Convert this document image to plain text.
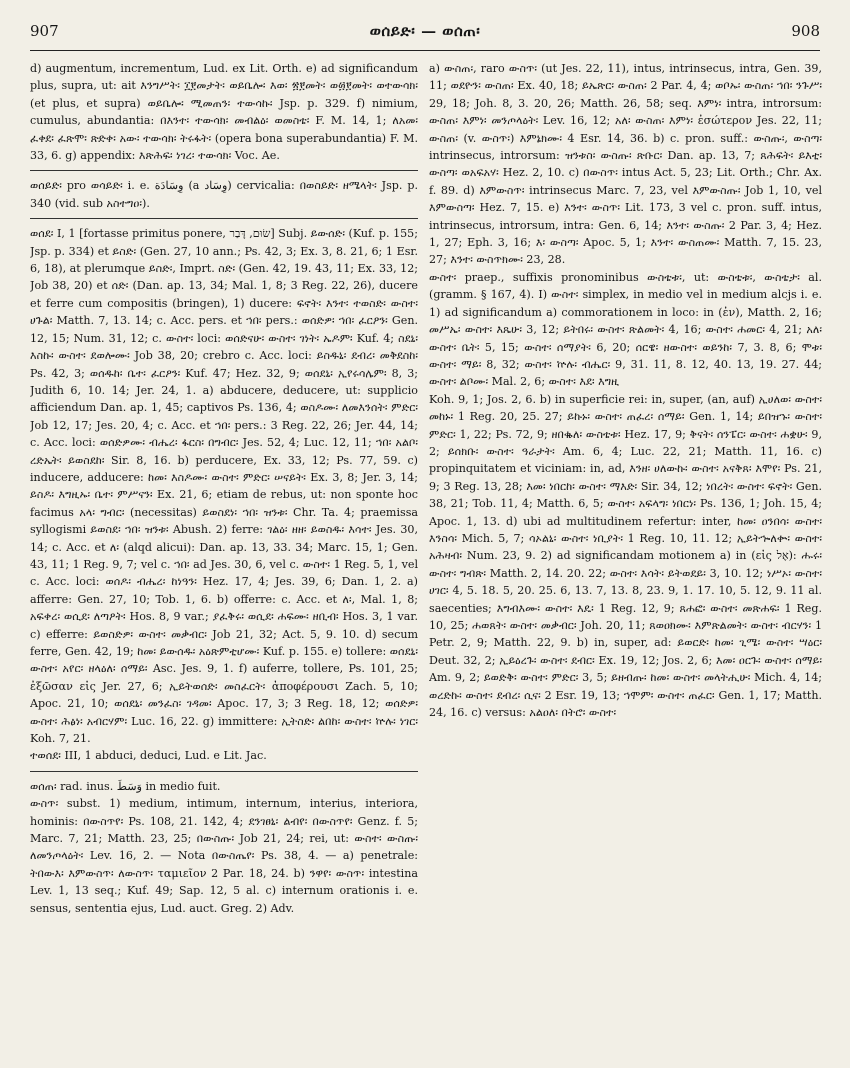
907	ወሰይድ፡ — ወሰጠ፡	908

d) augmentum, incrementum, Lud. ex Lit. Orth. e) ad significandum plus, supra, ut: ait እንግሥት፡ ፲፻መታት፡ ወይቤሎ፡ እወ፡ ፳፻መት፡ ወ፴፻መት፡ ወተውሳክ፡ (et plus, et supra) ወይቤሎ፡ ሚመጠን፡ ተውሳኩ፡ Jsp. p. 329. f) nimium, cumulus, abundantia: በእንተ፡ ተውሳክ፡ መብልዕ፡ ወመስቴ፡ F. M. 14, 1; ለአመ፡ ፈቀደ፡ ፈጽሞ፡ ጽድቀ፡ አው፡ ተውሳክ፡ ትሩፋት፡ (opera bona superabundantia) F. M. 33, 6. g) appendix: እጽሕፍ፡ ነገረ፡ ተውሳክ፡ Voc. Ae.

ወሰይድ፡ pro ወሳይድ፡ i. e. وِسَادَة (a وِسَاد) cervicalia: በወስይድ፡ ዘሜላት፡ Jsp. p. 340 (vid. sub አስተግዐ፡).

ወሰደ፡ I, 1 [fortasse primitus ponere, שׂוּם, דָּבַר] Subj. ይውሰድ፡ (Kuf. p. 155; Jsp. p. 334) et ይስድ፡ (Gen. 27, 10 ann.; Ps. 42, 3; Ex. 3, 8. 21, 6; 1 Esr. 6, 18), at plerumque ይስድ፡, Imprt. ስድ፡ (Gen. 42, 19. 43, 11; Ex. 33, 12; Job 38, 20) et ሰድ፡ (Dan. ap. 13, 34; Mal. 1, 8; 3 Reg. 22, 26), ducere et ferre cum compositis (bringen), 1) ducere: ፍኖት፡ እንተ፡ ተወስድ፡ ውስተ፡ ሀጉል፡ Matth. 7, 13. 14; c. Acc. pers. et ኀበ፡ pers.: ወሰድዎ፡ ኀበ፡ ፈርዖን፡ Gen. 12, 15; Num. 31, 12; c. ውስተ፡ loci: ወሰድናሁ፡ ውስተ፡ ገነት፡ ኤዶም፡ Kuf. 4; ስደኒ፡ እስኩ፡ ውስተ፡ ደወሎሙ፡ Job 38, 20; crebro c. Acc. loci: ይስዱኒ፡ ደብረ፡ መቅደስከ፡ Ps. 42, 3; ወሰዱከ፡ ቤተ፡ ፈርዖን፡ Kuf. 47; Hez. 32, 9; ወሰደኒ፡ ኢየሩሳሌም፡ 8, 3; Judith 6, 10. 14; Jer. 24, 1. a) abducere, deducere, ut: supplicio afficiendum Dan. ap. 1, 45; captivos Ps. 136, 4; ወስዶሙ፡ ለመእንሰት፡ ምድር፡ Job 12, 17; Jes. 20, 4; c. Acc. et ኀበ፡ pers.: 3 Reg. 22, 26; Jer. 44, 14; c. Acc. loci: ወሰድዎሙ፡ ብሔረ፡ ፋርስ፡ በግብር፡ Jes. 52, 4; Luc. 12, 11; ኀበ፡ አልቦ፡ ረድኤት፡ ይወስደከ፡ Sir. 8, 16. b) perducere, Ex. 33, 12; Ps. 77, 59. c) inducere, adducere: ከመ፡ እስዶሙ፡ ውስተ፡ ምድር፡ ሠናይት፡ Ex. 3, 8; Jer. 3, 14; ይስዶ፡ እግዚኡ፡ ቤተ፡ ምሥናን፡ Ex. 21, 6; etiam de rebus, ut: non sponte hoc facimus አላ፡ ግብር፡ (necessitas) ይወስደነ፡ ኀበ፡ ዝንቱ፡ Chr. Ta. 4; praemissa syllogismi ይወስደ፡ ኀበ፡ ዝንቱ፡ Abush. 2) ferre: ገልዕ፡ ዘዘ፡ ይወስዱ፡ እሳተ፡ Jes. 30, 14; c. Acc. et ለ፡ (alqd alicui): Dan. ap. 13, 33. 34; Marc. 15, 1; Gen. 43, 11; 1 Reg. 9, 7; vel c. ኀበ፡ ad Jes. 30, 6, vel c. ውስተ፡ 1 Reg. 5, 1, vel c. Acc. loci: ወሰዶ፡ ብሔረ፡ ከነዓን፡ Hez. 17, 4; Jes. 39, 6; Dan. 1, 2. a) afferre: Gen. 27, 10; Tob. 1, 6. b) offerre: c. Acc. et ለ፡, Mal. 1, 8; አፍቀረ፡ ወሲደ፡ ለጣዖት፡ Hos. 8, 9 var.; ያፈቅሩ፡ ወሲደ፡ ሐፍሙ፡ ዘቢብ፡ Hos. 3, 1 var. c) efferre: ይወስድዎ፡ ውስተ፡ መቃብር፡ Job 21, 32; Act. 5, 9. 10. d) secum ferre, Gen. 42, 19; ከመ፡ ይውሰዱ፡ አዕጽምቲሆሙ፡ Kuf. p. 155. e) tollere: ወሰደኒ፡ ውስተ፡ አየር፡ ዘላዕለ፡ ሰማይ፡ Asc. Jes. 9, 1. f) auferre, tollere, Ps. 101, 25; ἐξῶσαν εἰς Jer. 27, 6; ኢይትወሰድ፡ መስፈርት፡ ἀποφέρουσι Zach. 5, 10; Apoc. 21, 10; ወሰደኒ፡ መንፈስ፡ ገዳመ፡ Apoc. 17, 3; 3 Reg. 18, 12; ወሰድዎ፡ ውስተ፡ ሕፅነ፡ አብርሃም፡ Luc. 16, 22. g) immittere: ኢትስድ፡ ልበከ፡ ውስተ፡ ኵሉ፡ ነገር፡ Koh. 7, 21.

ተወሰደ፡ III, 1 abduci, deduci, Lud. e Lit. Jac.

ወሰጠ፡ rad. inus. وَسَطَ in medio fuit.

ውስጥ፡ subst. 1) medium, intimum, internum, interius, interiora, hominis: በውስጥየ፡ Ps. 108, 21. 142, 4; ደንገፀኒ፡ ልብየ፡ በውስጥየ፡ Genz. f. 5; Marc. 7, 21; Matth. 23, 25; በውስጡ፡ Job 21, 24; rei, ut: ውስተ፡ ውስጡ፡ ለመንጦላዕት፡ Lev. 16, 2. — Nota በውስጤየ፡ Ps. 38, 4. — a) penetrale: ትበውእ፡ እምውስጥ፡ ለውስጥ፡ ταμιεῖον 2 Par. 18, 24. b) ንዋየ፡ ውስጥ፡ intestina Lev. 1, 13 seq.; Kuf. 49; Sap. 12, 5 al. c) internum orationis i. e. sensus, sententia ejus, Lud. auct. Greg. 2) Adv.

a) ውስጠ፡, raro ውስጥ፡ (ut Jes. 22, 11), intus, intrinsecus, intra, Gen. 39, 11; ወደዮን፡ ውስጠ፡ Ex. 40, 18; ይኤጽር፡ ውስጠ፡ 2 Par. 4, 4; ወቦኡ፡ ውስጠ፡ ኀበ፡ ንጉሥ፡ 29, 18; Joh. 8, 3. 20, 26; Matth. 26, 58; seq. እምነ፡ intra, introrsum: ውስጠ፡ እምነ፡ መንጦላዕት፡ Lev. 16, 12; አለ፡ ውስጠ፡ እምነ፡ ἐσώτερον Jes. 22, 11; ውስጠ፡ (v. ውስጥ፡) እምኔክሙ፡ 4 Esr. 14, 36. b) c. pron. suff.: ውስጡ፡, ውስጣ፡ intrinsecus, introrsum: ዝንቱስ፡ ውስጡ፡ ጽቡር፡ Dan. ap. 13, 7; ጸሕፍት፡ ይእቲ፡ ውስጣ፡ ወአፍአሃ፡ Hez. 2, 10. c) በውስጥ፡ intus Act. 5, 23; Lit. Orth.; Chr. Ax. f. 89. d) እምውስጥ፡ intrinsecus Marc. 7, 23, vel እምውስጡ፡ Job 1, 10, vel እምውስጣ፡ Hez. 7, 15. e) እንተ፡ ውስጥ፡ Lit. 173, 3 vel c. pron. suff. intus, intrinsecus, introrsum, intra: Gen. 6, 14; እንተ፡ ውስጡ፡ 2 Par. 3, 4; Hez. 1, 27; Eph. 3, 16; እ፡ ውስጣ፡ Apoc. 5, 1; እንተ፡ ውስጠሙ፡ Matth. 7, 15. 23, 27; እንተ፡ ውስጥክሙ፡ 23, 28.

ውስተ፡ praep., suffixis pronominibus ውስቴቱ፡, ut: ውስቴቱ፡, ውስቴታ፡ al. (gramm. § 167, 4). I) ውስተ፡ simplex, in medio vel in medium alcjs i. e. 1) ad significandum a) commorationem in loco: in (ἐν), Matth. 2, 16; መሥኤ፡ ውስተ፡ እጼሁ፡ 3, 12; ይትበሩ፡ ውስተ፡ ጽልመት፡ 4, 16; ውስተ፡ ሐመር፡ 4, 21; አለ፡ ውስተ፡ ቤት፡ 5, 15; ውስተ፡ ሰማያት፡ 6, 20; ሰርዌ፡ ዘውስተ፡ ወይንከ፡ 7, 3. 8, 6; ሞቱ፡ ውስተ፡ ማይ፡ 8, 32; ውስተ፡ ኵሉ፡ ብሔር፡ 9, 31. 11, 8. 12, 40. 13, 19. 27. 44; ውስተ፡ ልቦሙ፡ Mal. 2, 6; ውስተ፡ እደ፡ እግዚ

Koh. 9, 1; Jos. 2, 6. b) in superficie rei: in, super, (an, auf) ኢሀለወ፡ ውስተ፡ መከኑ፡ 1 Reg. 20, 25. 27; ይኩኑ፡ ውስተ፡ ጠፈረ፡ ሰማይ፡ Gen. 1, 14; ይበዝኁ፡ ውስተ፡ ምድር፡ 1, 22; Ps. 72, 9; ዘበቈለ፡ ውስቴቱ፡ Hez. 17, 9; ቅናት፡ ሰንፔር፡ ውስተ፡ ሐቋሁ፡ 9, 2; ይሰክቡ፡ ውስተ፡ ዓራታት፡ Am. 6, 4; Luc. 22, 21; Matth. 11, 16. c) propinquitatem et viciniam: in, ad, እንዘ፡ ሀለውኩ፡ ውስተ፡ አናቅጸ፡ እሞየ፡ Ps. 21, 9; 3 Reg. 13, 28; እመ፡ ነበርከ፡ ውስተ፡ ማእድ፡ Sir. 34, 12; ነበረት፡ ውስተ፡ ፍኖት፡ Gen. 38, 21; Tob. 11, 4; Matth. 6, 5; ውስተ፡ አፍላግ፡ ነበርነ፡ Ps. 136, 1; Joh. 15, 4; Apoc. 1, 13. d) ubi ad multitudinem refertur: inter, ከመ፡ ዐንበሳ፡ ውስተ፡ እንስሳ፡ Mich. 5, 7; ሳኦልኒ፡ ውስተ፡ ነቢያት፡ 1 Reg. 10, 11. 12; ኢይትኈለቍ፡ ውስተ፡ አሕዛብ፡ Num. 23, 9. 2) ad significandam motionem a) in (εἰς אֶל): ሑሩ፡ ውስተ፡ ግብጽ፡ Matth. 2, 14. 20. 22; ውስተ፡ እሳት፡ ይትወደይ፡ 3, 10. 12; ነሥኦ፡ ውስተ፡ ሀገር፡ 4, 5. 18. 5, 20. 25. 6, 13. 7, 13. 8, 23. 9, 1. 17. 10, 5. 12, 9. 11 al. saecenties; እግብእሙ፡ ውስተ፡ እዴ፡ 1 Reg. 12, 9; ጸሐፎ፡ ውስተ፡ መጽሐፍ፡ 1 Reg. 10, 25; ሐወጸት፡ ውስተ፡ መቃብር፡ Joh. 20, 11; ጸወዐክሙ፡ እምጽልመት፡ ውስተ፡ ብርሃን፡ 1 Petr. 2, 9; Matth. 22, 9. b) in, super, ad: ይወርድ፡ ከመ፡ ጊሜ፡ ውስተ፡ ሣዕር፡ Deut. 32, 2; ኢይዕረጉ፡ ውስተ፡ ደብር፡ Ex. 19, 12; Jos. 2, 6; እመ፡ ዐርጉ፡ ውስተ፡ ሰማይ፡ Am. 9, 2; ይወድቅ፡ ውስተ፡ ምድር፡ 3, 5; ይዘብጡ፡ ከመ፡ ውስተ፡ መላትሒሁ፡ Mich. 4, 14; ወረድኩ፡ ውስተ፡ ደብረ፡ ሲና፡ 2 Esr. 19, 13; ኀሞም፡ ውስተ፡ ጠፈር፡ Gen. 1, 17; Matth. 24, 16. c) versus: አልዐለ፡ በትሮ፡ ውስተ፡
